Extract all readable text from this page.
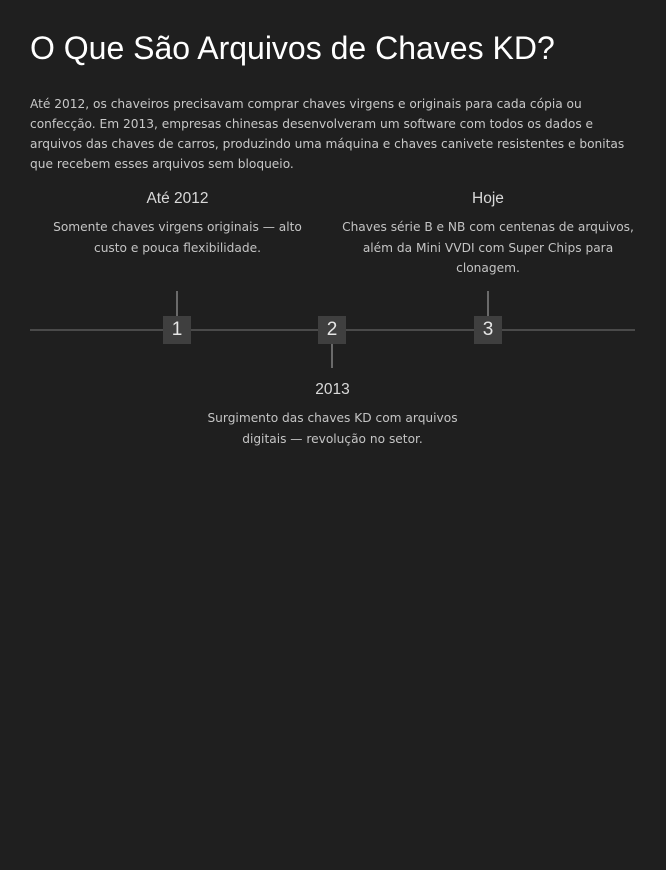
O Que São Arquivos de Chaves KD?

Até 2012, os chaveiros precisavam comprar chaves virgens e originais para cada cópia ou confecção. Em 2013, empresas chinesas desenvolveram um software com todos os dados e arquivos das chaves de carros, produzindo uma máquina e chaves canivete resistentes e bonitas que recebem esses arquivos sem bloqueio.

Até 2012

Somente chaves virgens originais — alto custo e pouca flexibilidade.

Hoje

Chaves série B e NB com centenas de arquivos, além da Mini VVDI com Super Chips para clonagem.

1	2	3
2013

Surgimento das chaves KD com arquivos digitais — revolução no setor.
